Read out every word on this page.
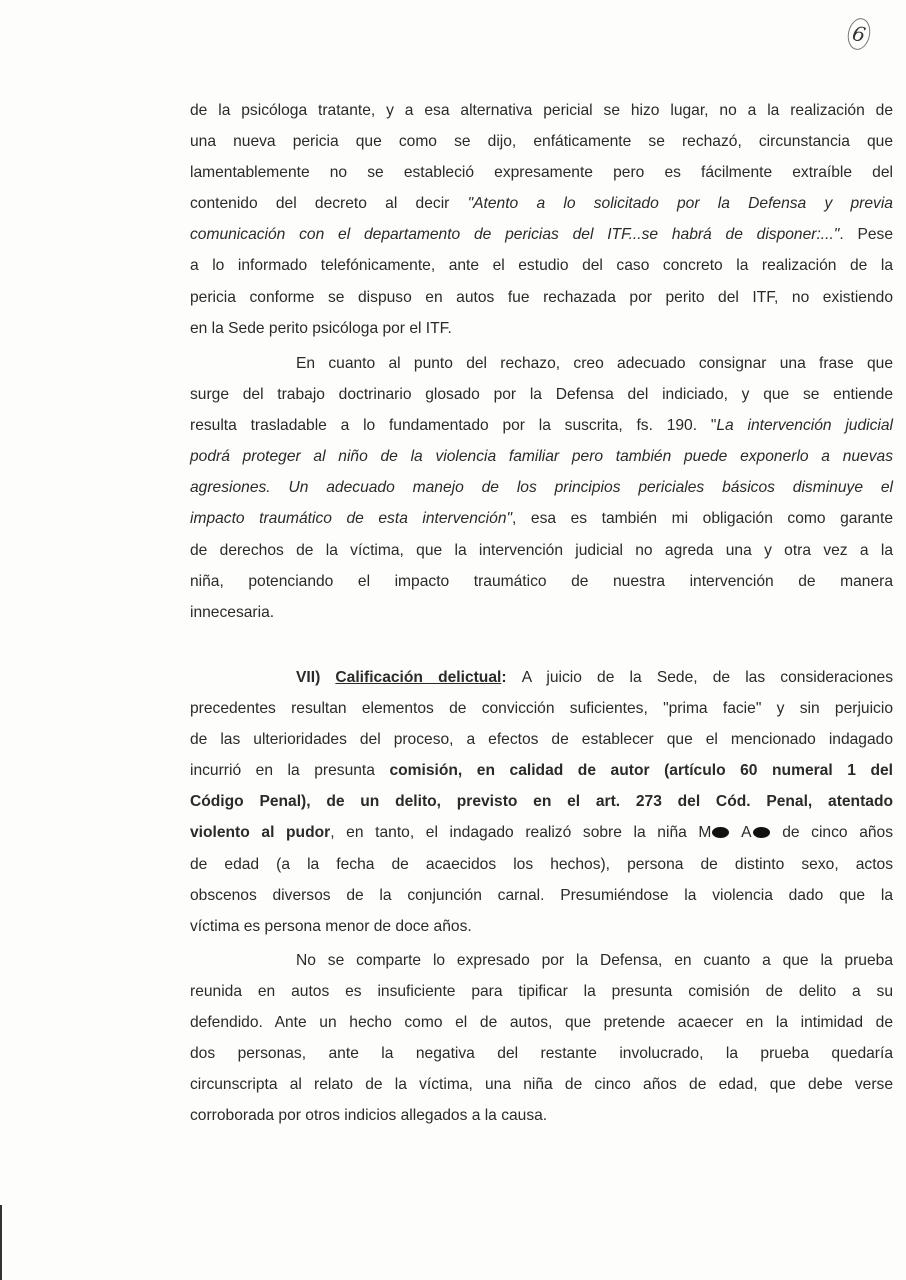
6
de la psicóloga tratante, y a esa alternativa pericial se hizo lugar, no a la realización de
una nueva pericia que como se dijo, enfáticamente se rechazó, circunstancia que
lamentablemente no se estableció expresamente pero es fácilmente extraíble del
contenido del decreto al decir "Atento a lo solicitado por la Defensa y previa
comunicación con el departamento de pericias del ITF...se habrá de disponer:...". Pese
a lo informado telefónicamente, ante el estudio del caso concreto la realización de la
pericia conforme se dispuso en autos fue rechazada por perito del ITF, no existiendo
en la Sede perito psicóloga por el ITF.
En cuanto al punto del rechazo, creo adecuado consignar una frase que
surge del trabajo doctrinario glosado por la Defensa del indiciado, y que se entiende
resulta trasladable a lo fundamentado por la suscrita, fs. 190. "La intervención judicial
podrá proteger al niño de la violencia familiar pero también puede exponerlo a nuevas
agresiones. Un adecuado manejo de los principios periciales básicos disminuye el
impacto traumático de esta intervención", esa es también mi obligación como garante
de derechos de la víctima, que la intervención judicial no agreda una y otra vez a la
niña, potenciando el impacto traumático de nuestra intervención de manera
innecesaria.
VII) Calificación delictual: A juicio de la Sede, de las consideraciones
precedentes resultan elementos de convicción suficientes, "prima facie" y sin perjuicio
de las ulterioridades del proceso, a efectos de establecer que el mencionado indagado
incurrió en la presunta comisión, en calidad de autor (artículo 60 numeral 1 del
Código Penal), de un delito, previsto en el art. 273 del Cód. Penal, atentado
violento al pudor, en tanto, el indagado realizó sobre la niña M A de cinco años
de edad (a la fecha de acaecidos los hechos), persona de distinto sexo, actos
obscenos diversos de la conjunción carnal. Presumiéndose la violencia dado que la
víctima es persona menor de doce años.
No se comparte lo expresado por la Defensa, en cuanto a que la prueba
reunida en autos es insuficiente para tipificar la presunta comisión de delito a su
defendido. Ante un hecho como el de autos, que pretende acaecer en la intimidad de
dos personas, ante la negativa del restante involucrado, la prueba quedaría
circunscripta al relato de la víctima, una niña de cinco años de edad, que debe verse
corroborada por otros indicios allegados a la causa.
